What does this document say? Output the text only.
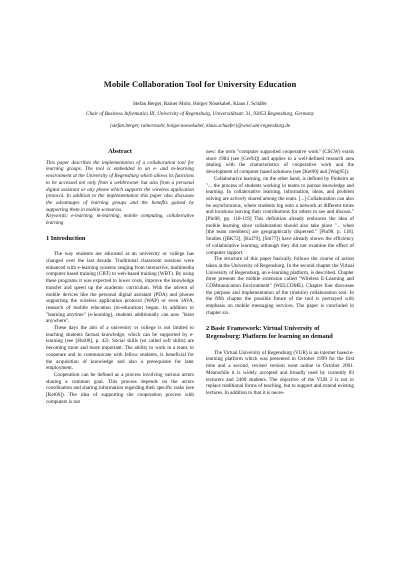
Mobile Collaboration Tool for University Education
Stefan Berger, Rainer Mohr, Holger Nösekabel, Klaus J. Schäfer
Chair of Business Informatics III, University of Regensburg, Universitätsstr. 31, 93053 Regensburg, Germany
{stefan.berger, rainer.mohr, holger.noesekabel, klaus.schaefer}@wiwi.uni-regensburg.de
Abstract

This paper describes the implementation of a collaboration tool for learning groups. The tool is embedded in an e- and m-learning environment at the University of Regensburg which allows its functions to be accessed not only from a webbrowser but also from a personal digital assistant or any phone which supports the wireless application protocol. In addition to the implementation this paper also discusses the advantages of learning groups and the benefits gained by supporting them in mobile scenarios.

Keywords: e-learning, m-learning, mobile computing, collaborative learning

1 Introduction

The way students are educated at an university or college has changed over the last decade. Traditional classroom sessions were enhanced with e-learning systems ranging from interactive, multimedia computer based training (CBT) to web-based training (WBT). By using these programs it was expected to lower costs, improve the knowledge transfer and speed up the academic curriculum. With the advent of mobile devices like the personal digital assistant (PDA) and phones supporting the wireless application protocol (WAP) or even JAVA, research of mobile education (m-education) began. In addition to "learning anytime" (e-learning), students additionally can now "learn anywhere".

These days the aim of a university or college is not limited to teaching students factual knowledge, which can be supported by e-learning (see [Hor00], p. 42). Social skills (so called soft skills) are becoming more and more important. The ability to work in a team, to cooperate and to communicate with fellow students, is beneficial for the acquisition of knowledge and also a prerequisite for later employment.

Cooperation can be defined as a process involving various actors sharing a common goal. This process depends on the actors coordination and sharing information regarding their specific tasks (see [Ket00]). The idea of supporting the cooperation process with computers is not

new: the term "computer supported cooperative work" (CSCW) exists since 1984 (see [Gre94]) and applies to a well-defined research area dealing with the characteristics of cooperative work and the development of computer based solutions (see [Ket00] and [Wag95]).

Collaborative learning, on the other hand, is defined by Pinheiro as "... the process of students working in teams to pursue knowledge and learning. In collaborative learning, information, ideas, and problem solving are actively shared among the team. [...] Collaboration can also be asynchronous, where students log onto a network at different times and locations leaving their contributions for others to see and discuss." [Pin98, pp. 118-119] This definition already embraces the idea of mobile learning since collaboration should also take place "... when [the team members] are geographically dispersed." [Pin98, p. 118]. Studies ([BK72], [Kul79], [Sm77]) have already shown the efficiency of collaborative learning, although they did not examine the effect of computer support.

The structure of this paper basically follows the course of action taken at the University of Regensburg. In the second chapter the Virtual University of Regensburg, an e-learning platform, is described. Chapter three presents the mobile extension called "Wireless E-Learning and COMmunication Environment" (WELCOME). Chapter four discusses the purpose and implementation of the (mobile) collaboration tool. In the fifth chapter the possible future of the tool is portrayed with emphasis on mobile messaging services. The paper is concluded in chapter six.

2 Basic Framework: Virtual University of Regensburg: Platform for learning on demand

The Virtual University of Regensburg (VUR) is an internet based e-learning platform which was presented in October 1999 for the first time and a second, revised version went online in October 2001. Meanwhile it is widely accepted and broadly used by currently 83 lecturers and 2400 students. The objective of the VUR 2 is not to replace traditional forms of teaching, but to support and extend existing lectures. In addition to that it is neces-
